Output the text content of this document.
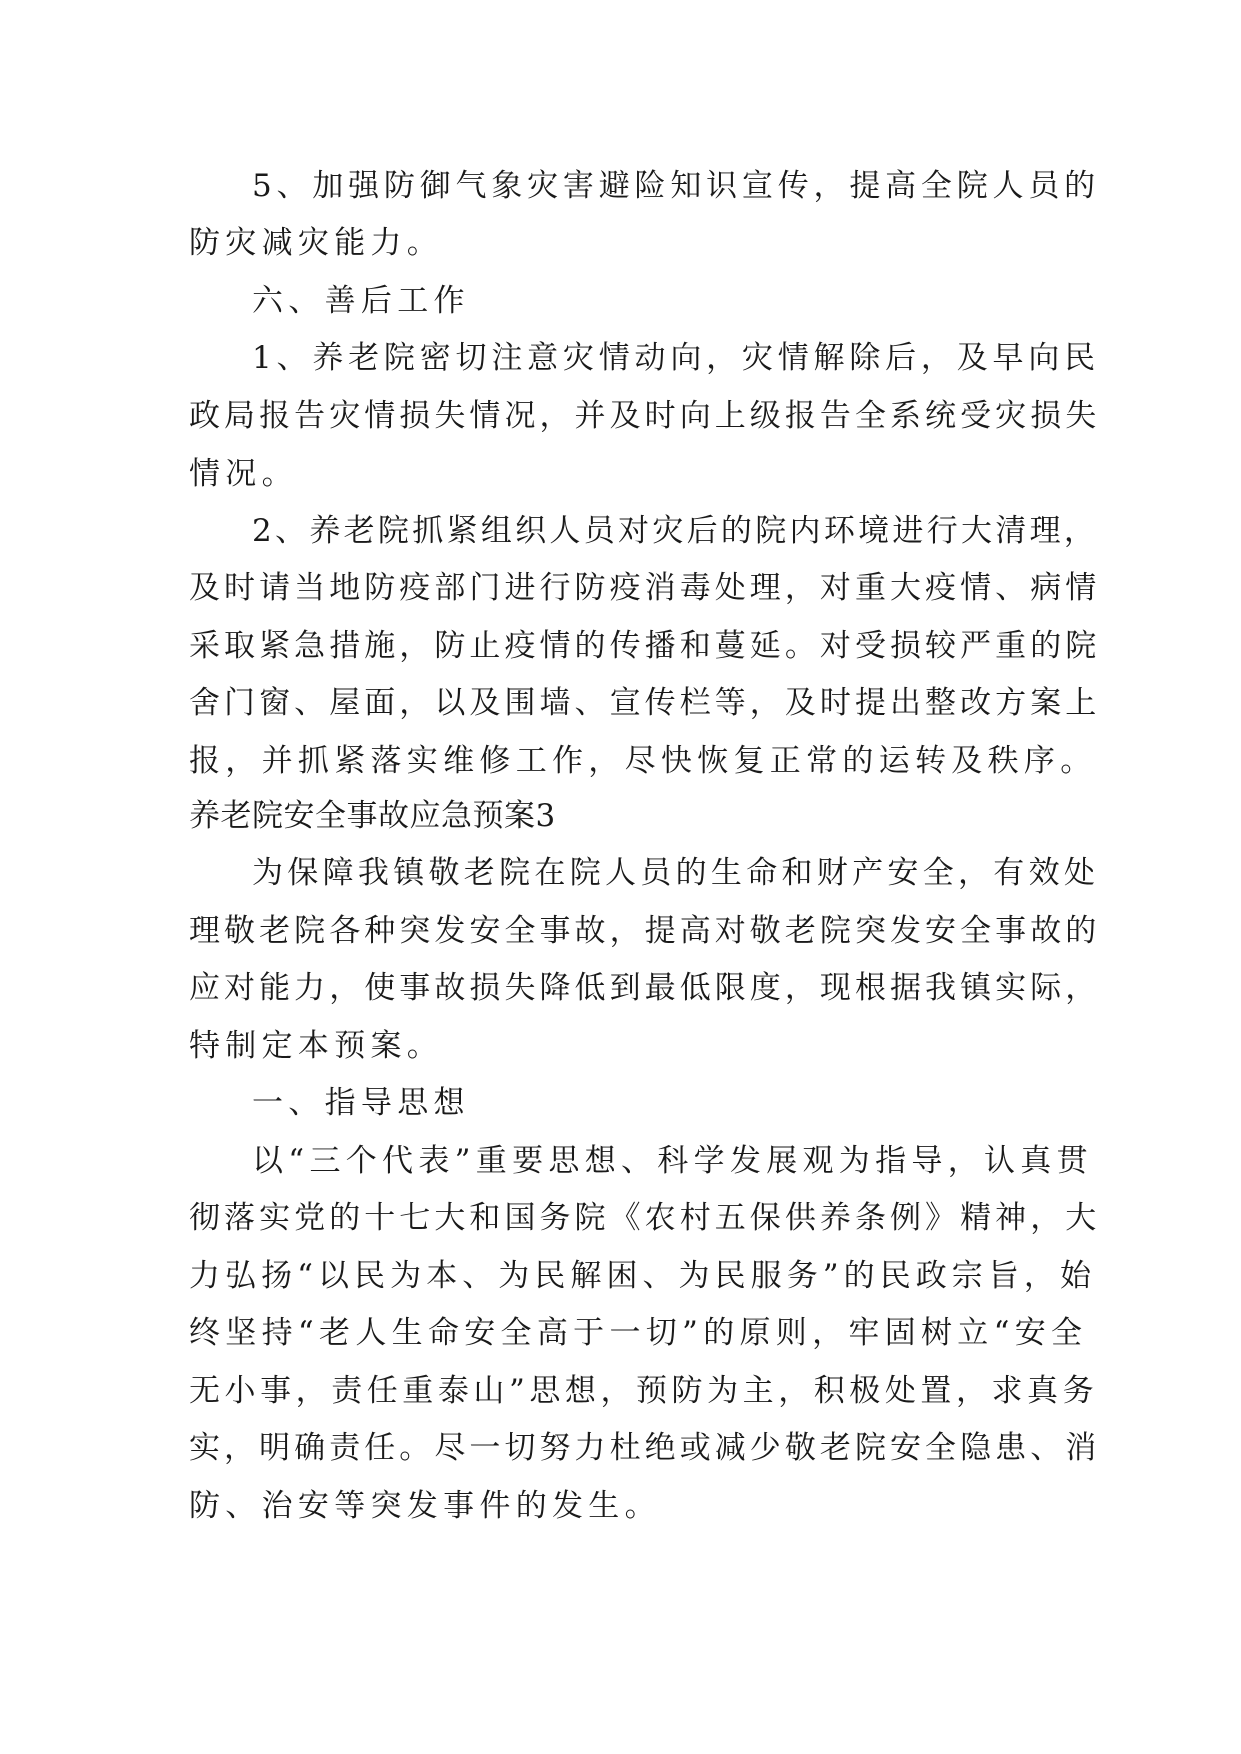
5、加强防御气象灾害避险知识宣传，提高全院人员的
防灾减灾能力。
六、善后工作
1、养老院密切注意灾情动向，灾情解除后，及早向民
政局报告灾情损失情况，并及时向上级报告全系统受灾损失
情况。
2、养老院抓紧组织人员对灾后的院内环境进行大清理，
及时请当地防疫部门进行防疫消毒处理，对重大疫情、病情
采取紧急措施，防止疫情的传播和蔓延。对受损较严重的院
舍门窗、屋面，以及围墙、宣传栏等，及时提出整改方案上
报，并抓紧落实维修工作，尽快恢复正常的运转及秩序。
养老院安全事故应急预案3
为保障我镇敬老院在院人员的生命和财产安全，有效处
理敬老院各种突发安全事故，提高对敬老院突发安全事故的
应对能力，使事故损失降低到最低限度，现根据我镇实际，
特制定本预案。
一、指导思想
以“三个代表”重要思想、科学发展观为指导，认真贯
彻落实党的十七大和国务院《农村五保供养条例》精神，大
力弘扬“以民为本、为民解困、为民服务”的民政宗旨，始
终坚持“老人生命安全高于一切”的原则，牢固树立“安全
无小事，责任重泰山”思想，预防为主，积极处置，求真务
实，明确责任。尽一切努力杜绝或减少敬老院安全隐患、消
防、治安等突发事件的发生。
